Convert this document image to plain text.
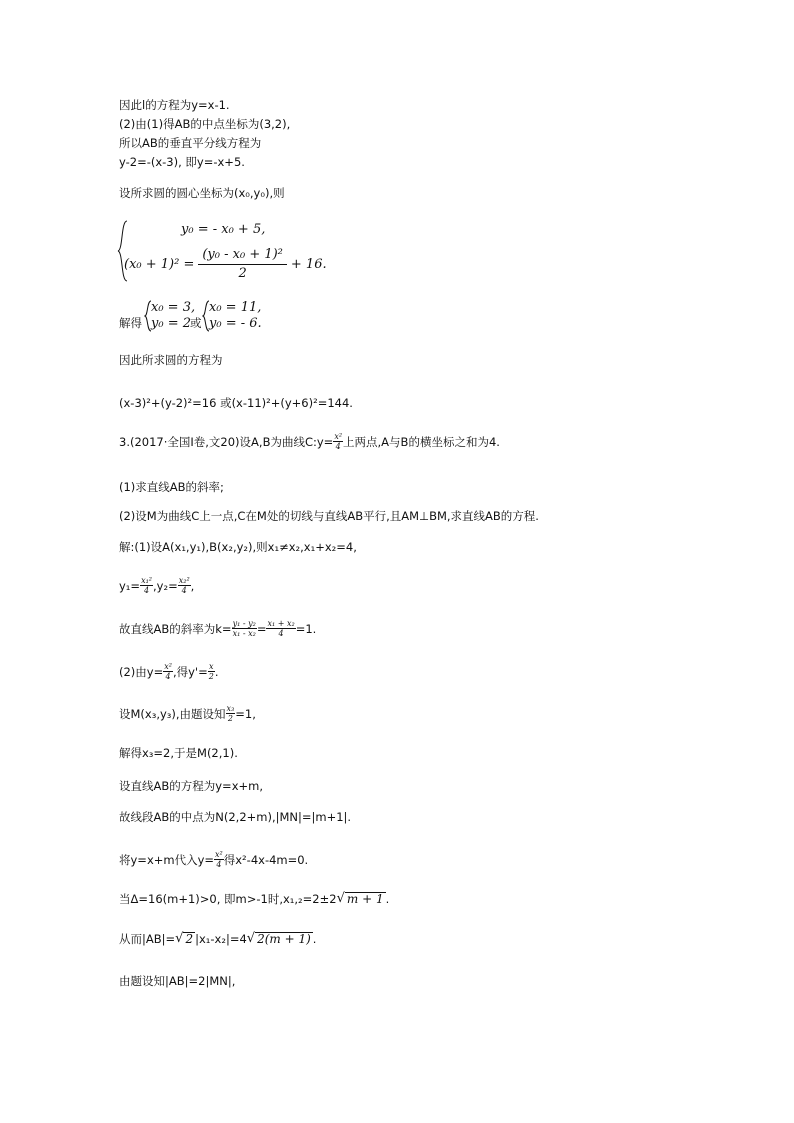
因此l的方程为y=x-1.
(2)由(1)得AB的中点坐标为(3,2),
所以AB的垂直平分线方程为
y-2=-(x-3), 即y=-x+5.
设所求圆的圆心坐标为(x₀,y₀),则
y₀ = - x₀ + 5,
$(x_0 + 1)^2 = \frac{\text{(y₀ - x₀ + 1)²}}{2} + 16$.
解得
x₀ = 3,
y₀ = 2 或
x₀ = 11,
y₀ = - 6.
因此所求圆的方程为
(x-3)²+(y-2)²=16 或(x-11)²+(y+6)²=144.
3.(2017·全国Ⅰ卷,文20)设A,B为曲线C:y= $\frac{\text{x²}}{4}$ 上两点,A与B的横坐标之和为4.
(1)求直线AB的斜率;
(2)设M为曲线C上一点,C在M处的切线与直线AB平行,且AM⊥BM,求直线AB的方程.
解:(1)设A(x₁,y₁),B(x₂,y₂),则x₁≠x₂,x₁+x₂=4,
$y_1= \frac{\text{x₁²}}{4} ,y_2= \frac{\text{x₂²}}{4}$ ,
故直线AB的斜率为$k= \frac{\text{y₁ - y₂}}{\text{x₁ - x₂}} = \frac{\text{x₁ + x₂}}{4} =1$.
(2)由$y= \frac{\text{x²}}{4}$ ,得$y'= \frac{x}{2}$ .
设M(x₃,y₃),由题设知 $\frac{\text{x₃}}{2} =1$,
解得x₃=2,于是M(2,1).
设直线AB的方程为y=x+m,
故线段AB的中点为N(2,2+m),|MN|=|m+1|.
将y=x+m代入$y= \frac{\text{x²}}{4}$ 得x²-4x-4m=0.
当Δ=16(m+1)>0, 即m>-1时,x₁,₂=2±2 √ m + 1 .
从而|AB|= √ 2 |x₁-x₂|=4 √ 2(m + 1) .
由题设知|AB|=2|MN|,
